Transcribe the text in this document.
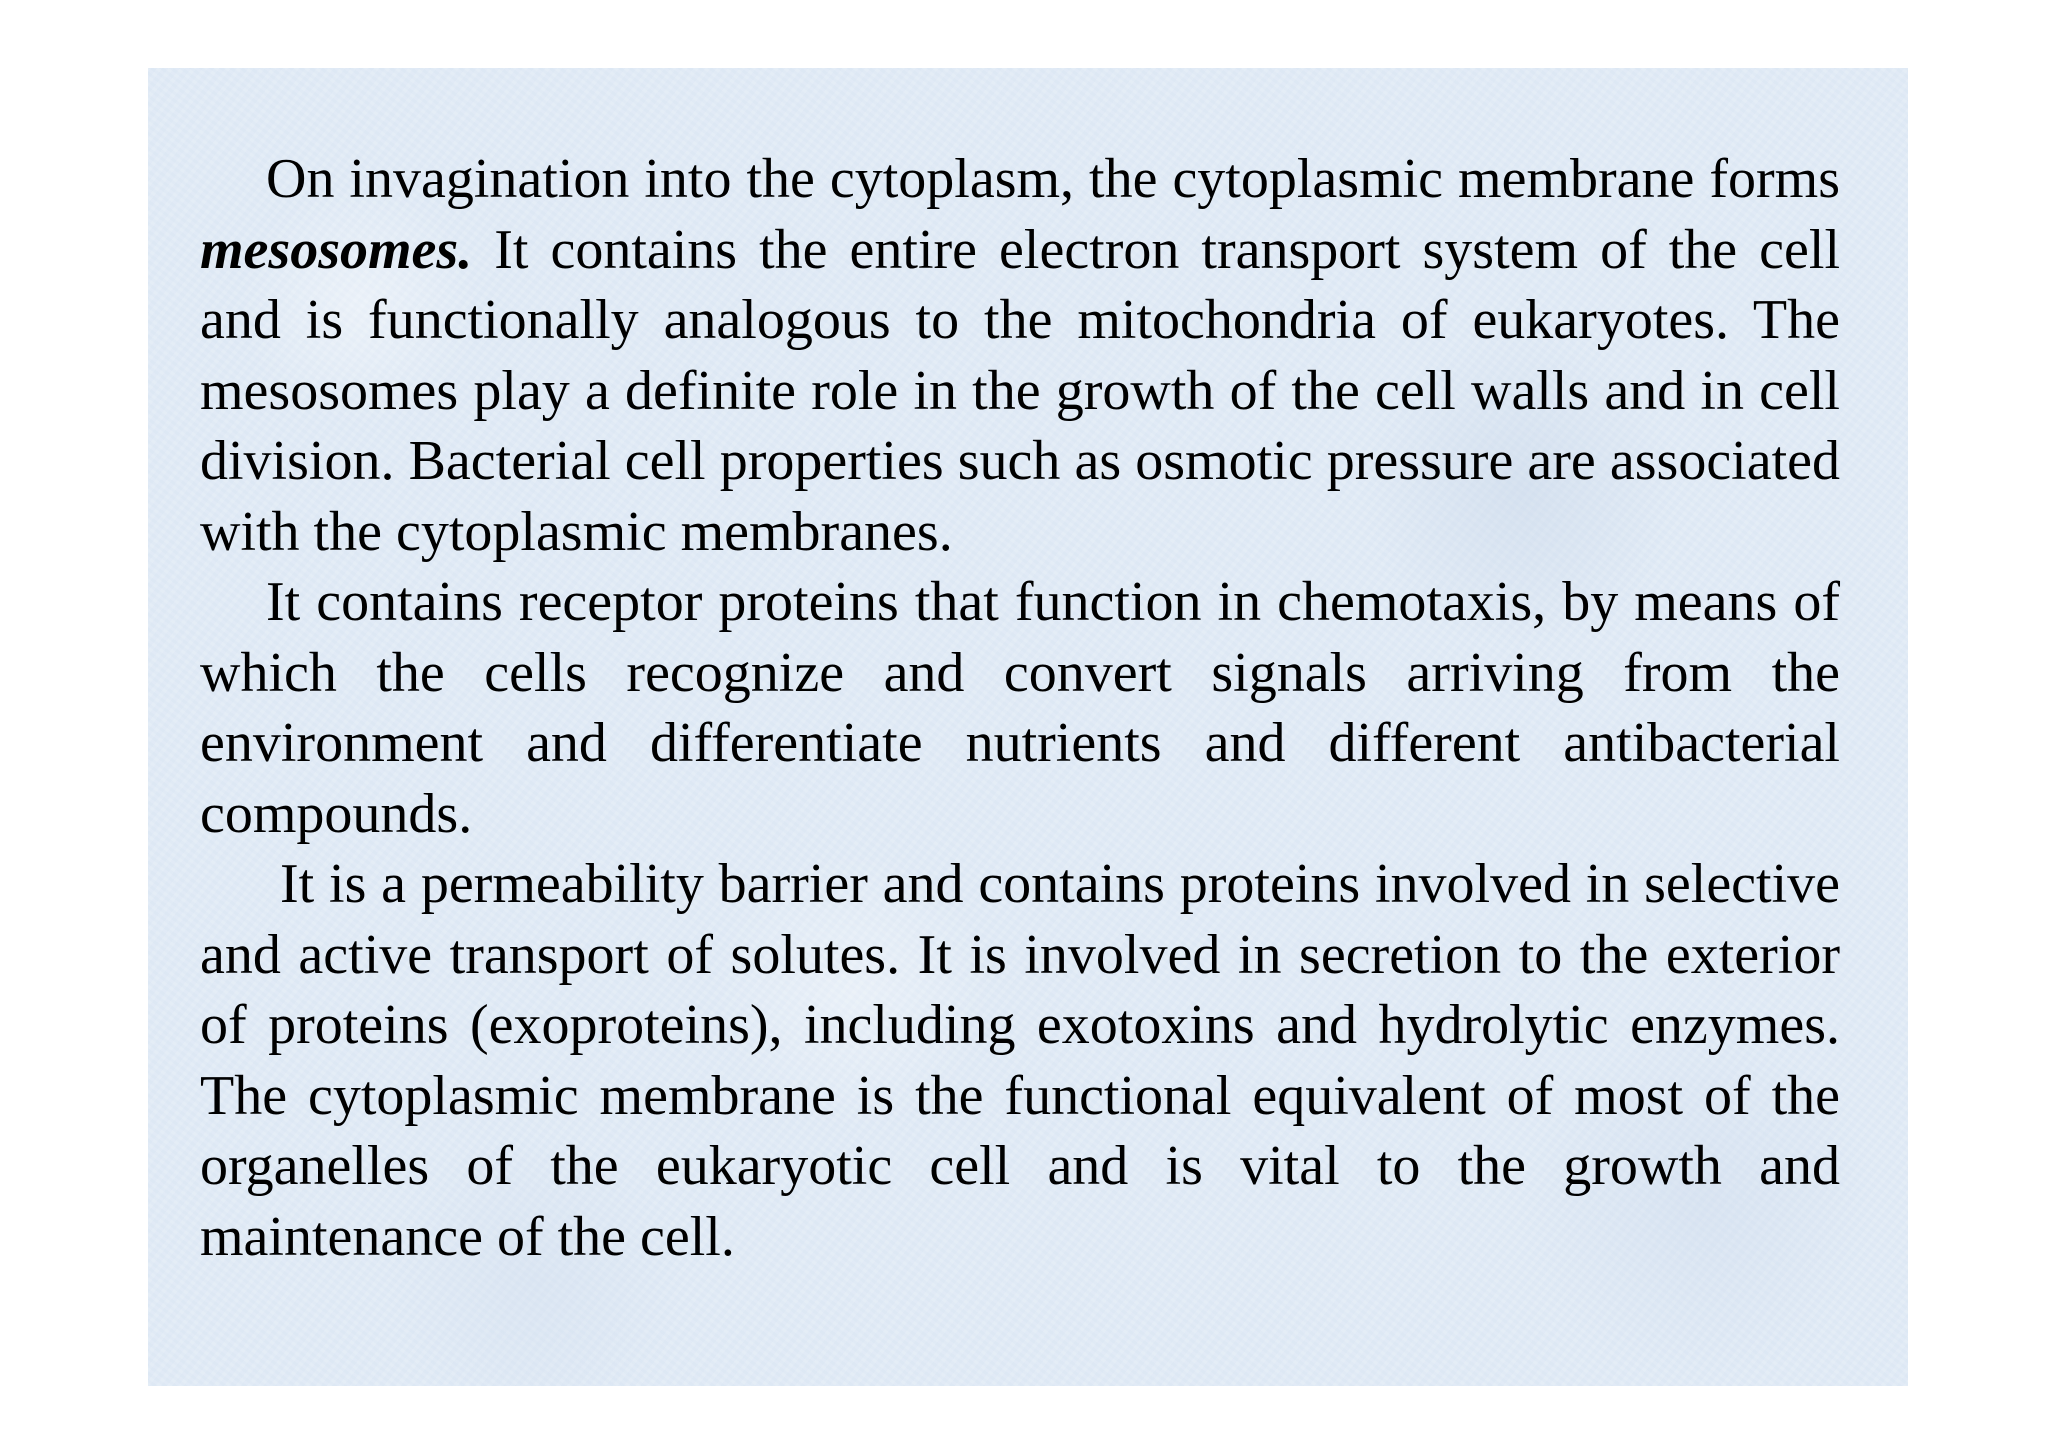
On invagination into the cytoplasm, the cytoplasmic membrane forms mesosomes. It contains the entire electron transport system of the cell and is functionally analogous to the mitochondria of eukaryotes. The mesosomes play a definite role in the growth of the cell walls and in cell division. Bacterial cell properties such as osmotic pressure are associated with the cytoplasmic membranes.

It contains receptor proteins that function in chemotaxis, by means of which the cells recognize and convert signals arriving from the environment and differentiate nutrients and different antibacterial compounds.

It is a permeability barrier and contains proteins involved in selective and active transport of solutes. It is involved in secretion to the exterior of proteins (exoproteins), including exotoxins and hydrolytic enzymes. The cytoplasmic membrane is the functional equivalent of most of the organelles of the eukaryotic cell and is vital to the growth and maintenance of the cell.
